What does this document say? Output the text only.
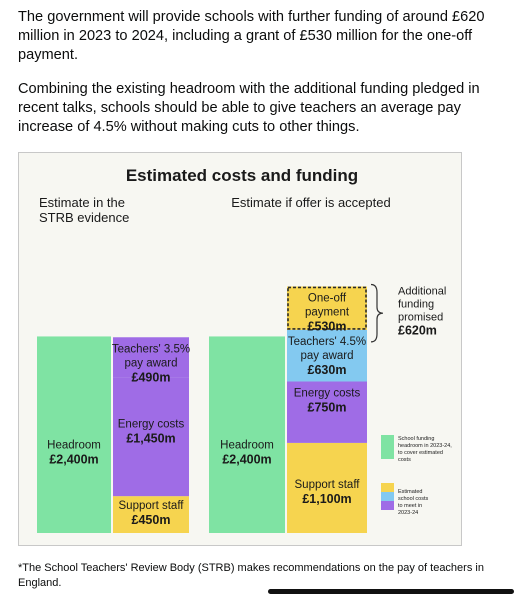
The government will provide schools with further funding of around £620 million in 2023 to 2024, including a grant of £530 million for the one-off payment.

Combining the existing headroom with the additional funding pledged in recent talks, schools should be able to give teachers an average pay increase of 4.5% without making cuts to other things.

Estimated costs and funding
Estimate in the
STRB evidence
Estimate if offer is accepted
Headroom
£2,400m
Support staff
£450m
Energy costs
£1,450m
Teachers' 3.5%
pay award
£490m
Headroom
£2,400m
Support staff
£1,100m
Energy costs
£750m
Teachers' 4.5%
pay award
£630m
One-off
payment
£530m
Additional
funding
promised
£620m
School funding
headroom in 2023-24,
to cover estimated
costs
Estimated
school costs
to meet in
2023-24

*The School Teachers' Review Body (STRB) makes recommendations on the pay of teachers in England.
